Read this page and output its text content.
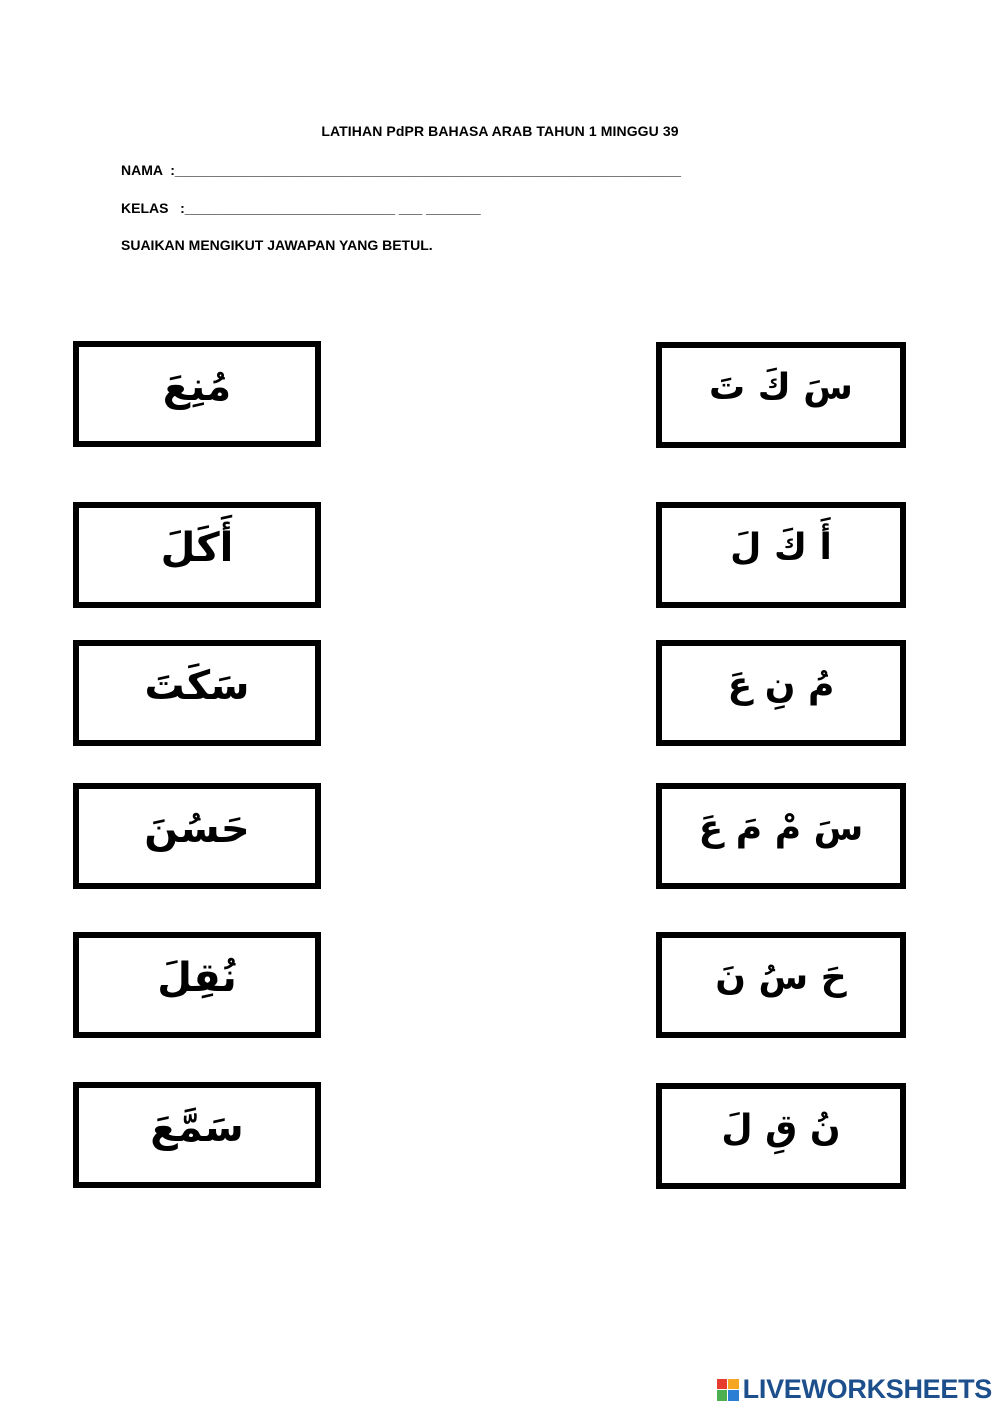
LATIHAN PdPR BAHASA ARAB TAHUN 1 MINGGU 39
NAMA  :_________________________________________________________________
KELAS   :___________________________ ___ _______
SUAIKAN MENGIKUT JAWAPAN YANG BETUL.
مُنِعَ
أَكَلَ
سَكَتَ
حَسُنَ
نُقِلَ
سَمَّعَ
سَ كَ تَ
أَ كَ لَ
مُ نِ عَ
سَ مْ مَ عَ
حَ سُ نَ
نُ قِ لَ
LIVEWORKSHEETS
